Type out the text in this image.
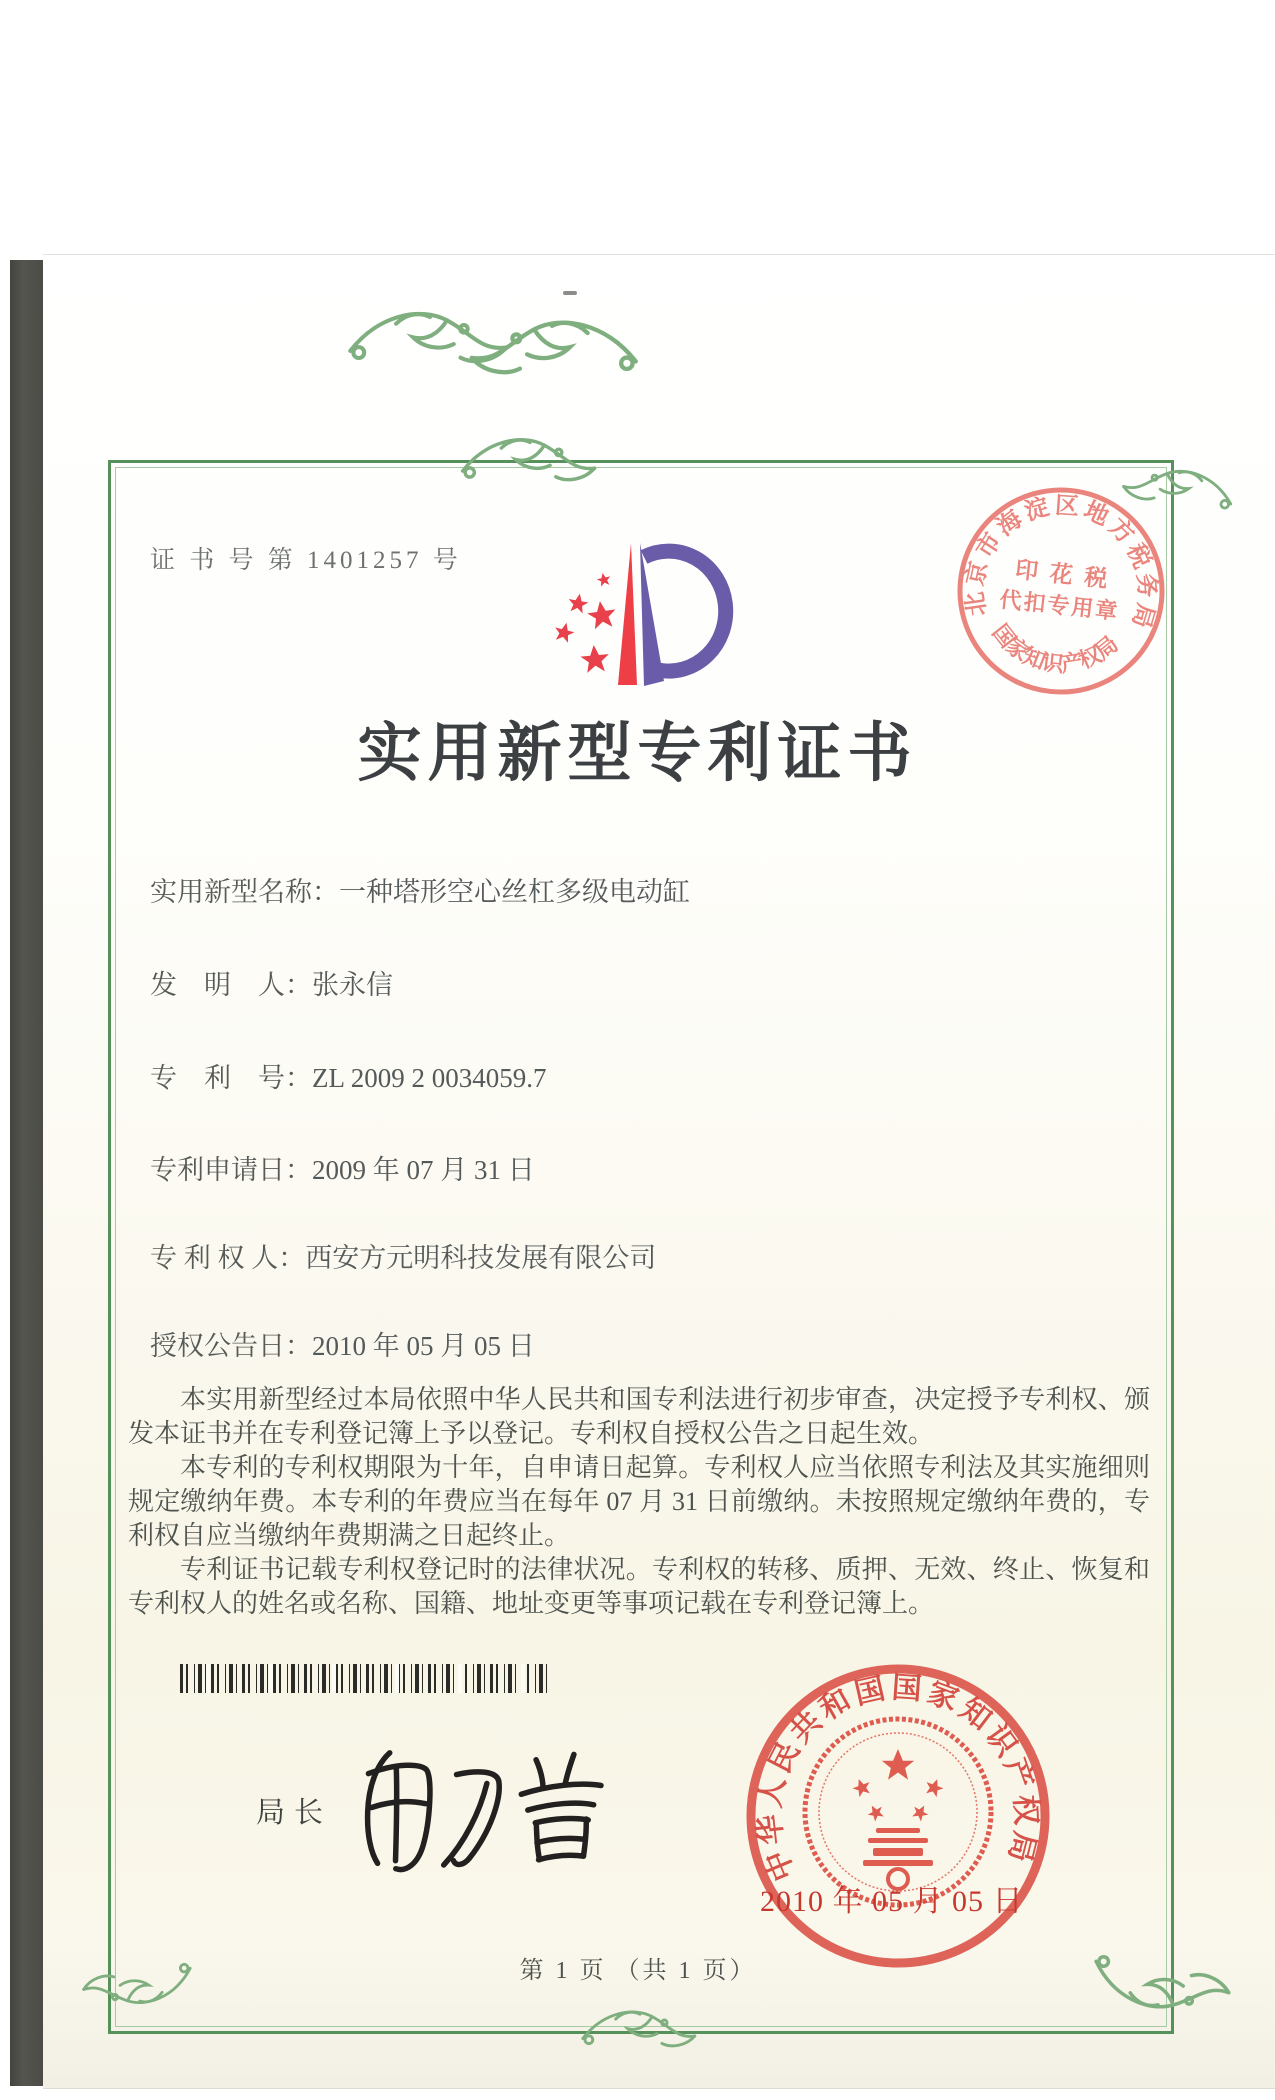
证 书 号 第 1401257 号
实用新型专利证书
实用新型名称：一种塔形空心丝杠多级电动缸
发　明　人：张永信
专　利　号：ZL 2009 2 0034059.7
专利申请日：2009 年 07 月 31 日
专 利 权 人：西安方元明科技发展有限公司
授权公告日：2010 年 05 月 05 日

本实用新型经过本局依照中华人民共和国专利法进行初步审查，决定授予专利权、颁发本证书并在专利登记簿上予以登记。专利权自授权公告之日起生效。

本专利的专利权期限为十年，自申请日起算。专利权人应当依照专利法及其实施细则规定缴纳年费。本专利的年费应当在每年 07 月 31 日前缴纳。未按照规定缴纳年费的，专利权自应当缴纳年费期满之日起终止。

专利证书记载专利权登记时的法律状况。专利权的转移、质押、无效、终止、恢复和专利权人的姓名或名称、国籍、地址变更等事项记载在专利登记簿上。

局长
中华人民共和国国家知识产权局
2010 年 05 月 05 日
第 1 页 （共 1 页）
北京市海淀区地方税务局
国家知识产权局
印 花 税
代扣专用章
